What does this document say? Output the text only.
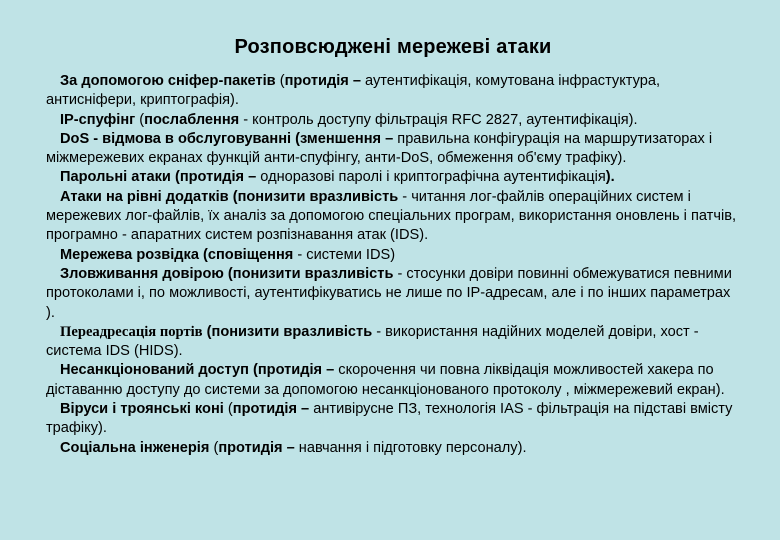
Розповсюджені мережеві атаки

За допомогою сніфер-пакетів (протидія – аутентифікація, комутована інфрастуктура, антисніфери, криптографія).

IP-спуфінг (послаблення - контроль доступу фільтрація RFC 2827, аутентифікація).

DoS - відмова в обслуговуванні (зменшення – правильна конфігурація на маршрутизаторах і міжмережевих екранах функцій анти-спуфінгу, анти-DoS, обмеження об'єму трафіку).

Парольні атаки (протидія – одноразові паролі і криптографічна аутентифікація).

Атаки на рівні додатків (понизити вразливість - читання лог-файлів операційних систем і мережевих лог-файлів, їх аналіз за допомогою спеціальних програм, використання оновлень і патчів, програмно - апаратних систем розпізнавання атак (IDS).

Мережева розвідка (сповіщення - системи IDS)

Зловживання довірою (понизити вразливість - стосунки довіри повинні обмежуватися певними протоколами і, по можливості, аутентифікуватись не лише по IP-адресам, але і по інших параметрах ).

Переадресація портів (понизити вразливість - використання надійних моделей довіри, хост - система IDS (HIDS).

Несанкціонований доступ (протидія – скорочення чи повна ліквідація можливостей хакера по діставанню доступу до системи за допомогою несанкціонованого протоколу , міжмережевий екран).

Віруси і троянські коні (протидія – антивірусне ПЗ, технологія IAS - фільтрація на підставі вмісту трафіку).

Соціальна інженерія (протидія – навчання і підготовку персоналу).
